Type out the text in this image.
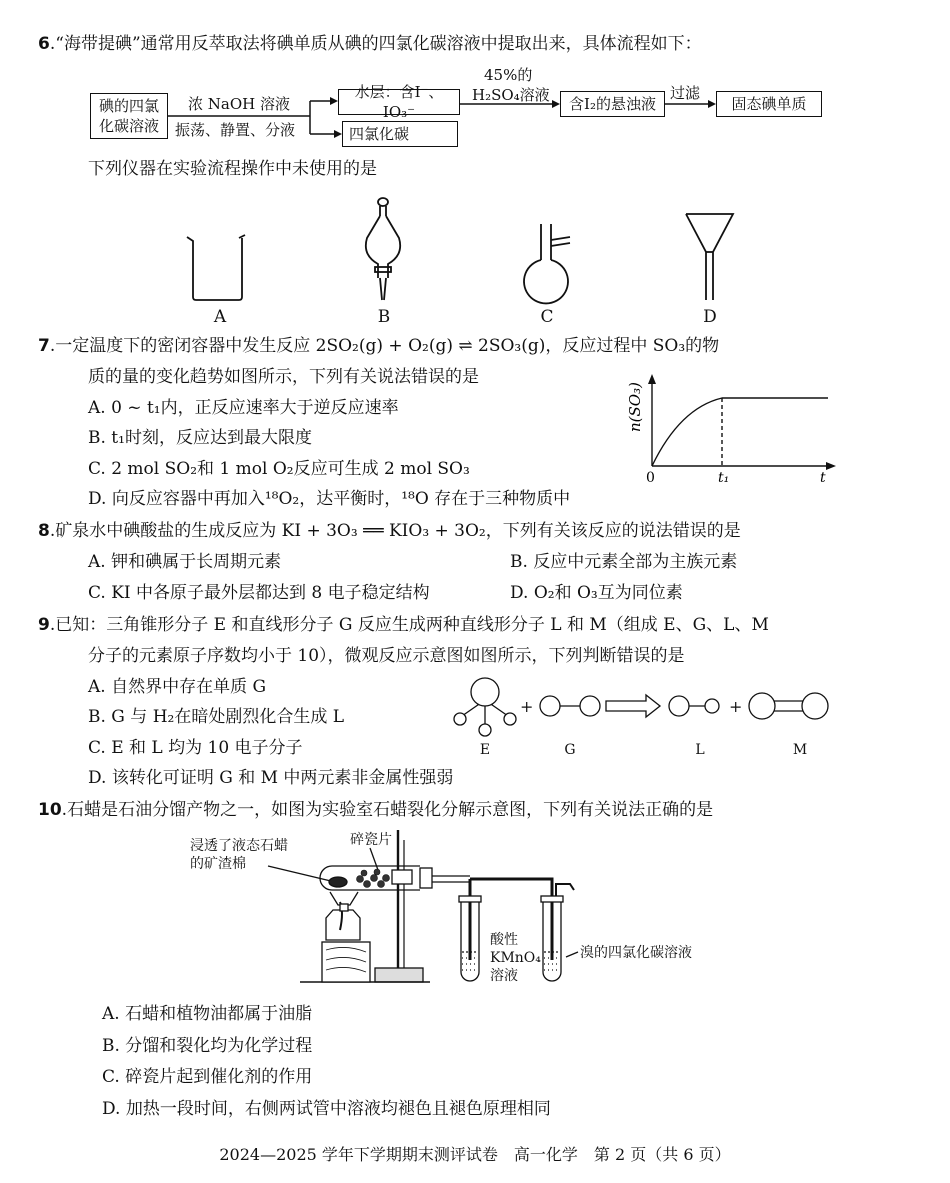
6.“海带提碘”通常用反萃取法将碘单质从碘的四氯化碳溶液中提取出来，具体流程如下：
碘的四氯
化碳溶液
浓 NaOH 溶液
振荡、静置、分液
水层：含I⁻、IO₃⁻
四氯化碳
45%的
H₂SO₄溶液	含I₂的悬浊液
过滤
固态碘单质
下列仪器在实验流程操作中未使用的是
A	B	C	D
7.一定温度下的密闭容器中发生反应 2SO₂(g) + O₂(g) ⇌ 2SO₃(g)，反应过程中 SO₃的物
质的量的变化趋势如图所示，下列有关说法错误的是
A. 0 ~ t₁内，正反应速率大于逆反应速率
B. t₁时刻，反应达到最大限度
C. 2 mol SO₂和 1 mol O₂反应可生成 2 mol SO₃
D. 向反应容器中再加入¹⁸O₂，达平衡时，¹⁸O 存在于三种物质中
n(SO₃)
0	t₁	t
8.矿泉水中碘酸盐的生成反应为 KI + 3O₃ ══ KIO₃ + 3O₂，下列有关该反应的说法错误的是
A. 钾和碘属于长周期元素	B. 反应中元素全部为主族元素
C. KI 中各原子最外层都达到 8 电子稳定结构	D. O₂和 O₃互为同位素
9.已知：三角锥形分子 E 和直线形分子 G 反应生成两种直线形分子 L 和 M（组成 E、G、L、M
分子的元素原子序数均小于 10），微观反应示意图如图所示，下列判断错误的是
A. 自然界中存在单质 G
B. G 与 H₂在暗处剧烈化合生成 L
C. E 和 L 均为 10 电子分子
D. 该转化可证明 G 和 M 中两元素非金属性强弱
+	+
E	G	L	M
10.石蜡是石油分馏产物之一，如图为实验室石蜡裂化分解示意图，下列有关说法正确的是
浸透了液态石蜡
的矿渣棉
碎瓷片
酸性
KMnO₄
溶液
溴的四氯化碳溶液
A. 石蜡和植物油都属于油脂
B. 分馏和裂化均为化学过程
C. 碎瓷片起到催化剂的作用
D. 加热一段时间，右侧两试管中溶液均褪色且褪色原理相同
2024—2025 学年下学期期末测评试卷　高一化学　第 2 页（共 6 页）
